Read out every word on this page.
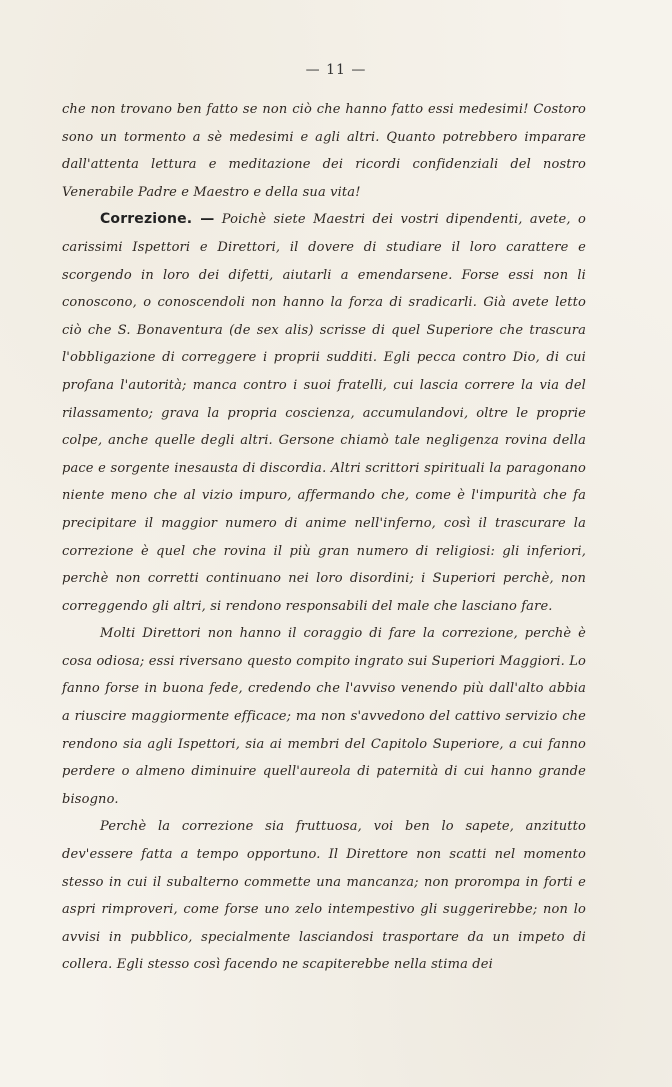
— 11 —

che non trovano ben fatto se non ciò che hanno fatto essi medesimi! Costoro sono un tormento a sè medesimi e agli altri. Quanto potrebbero imparare dall'attenta lettura e meditazione dei ricordi confidenziali del nostro Venerabile Padre e Maestro e della sua vita!

Correzione. — Poichè siete Maestri dei vostri dipendenti, avete, o carissimi Ispettori e Direttori, il dovere di studiare il loro carattere e scorgendo in loro dei difetti, aiutarli a emendarsene. Forse essi non li conoscono, o conoscendoli non hanno la forza di sradicarli. Già avete letto ciò che S. Bonaventura (de sex alis) scrisse di quel Superiore che trascura l'obbligazione di correggere i proprii sudditi. Egli pecca contro Dio, di cui profana l'autorità; manca contro i suoi fratelli, cui lascia correre la via del rilassamento; grava la propria coscienza, accumulandovi, oltre le proprie colpe, anche quelle degli altri. Gersone chiamò tale negligenza rovina della pace e sorgente inesausta di discordia. Altri scrittori spirituali la paragonano niente meno che al vizio impuro, affermando che, come è l'impurità che fa precipitare il maggior numero di anime nell'inferno, così il trascurare la correzione è quel che rovina il più gran numero di religiosi: gli inferiori, perchè non corretti continuano nei loro disordini; i Superiori perchè, non correggendo gli altri, si rendono responsabili del male che lasciano fare.

Molti Direttori non hanno il coraggio di fare la correzione, perchè è cosa odiosa; essi riversano questo compito ingrato sui Superiori Maggiori. Lo fanno forse in buona fede, credendo che l'avviso venendo più dall'alto abbia a riuscire maggiormente efficace; ma non s'avvedono del cattivo servizio che rendono sia agli Ispettori, sia ai membri del Capitolo Superiore, a cui fanno perdere o almeno diminuire quell'aureola di paternità di cui hanno grande bisogno.

Perchè la correzione sia fruttuosa, voi ben lo sapete, anzitutto dev'essere fatta a tempo opportuno. Il Direttore non scatti nel momento stesso in cui il subalterno commette una mancanza; non prorompa in forti e aspri rimproveri, come forse uno zelo intempestivo gli suggerirebbe; non lo avvisi in pubblico, specialmente lasciandosi trasportare da un impeto di collera. Egli stesso così facendo ne scapiterebbe nella stima dei
